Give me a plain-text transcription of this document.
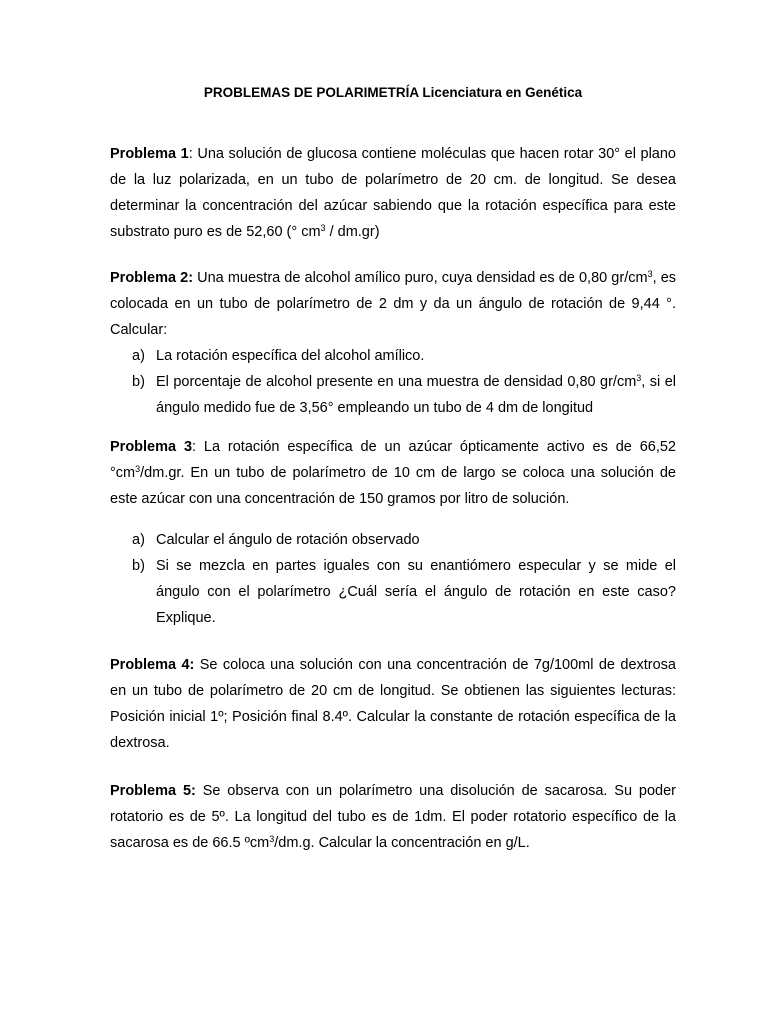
PROBLEMAS DE POLARIMETRÍA Licenciatura en Genética
Problema 1: Una solución de glucosa contiene moléculas que hacen rotar 30° el plano de la luz polarizada, en un tubo de polarímetro de 20 cm. de longitud. Se desea determinar la concentración del azúcar sabiendo que la rotación específica para este substrato puro es de 52,60 (° $cm^3 / dm.gr$)
Problema 2: Una muestra de alcohol amílico puro, cuya densidad es de 0,80 $gr/cm^3$, es colocada en un tubo de polarímetro de 2 dm y da un ángulo de rotación de 9,44 °. Calcular:
a) La rotación específica del alcohol amílico.
b) El porcentaje de alcohol presente en una muestra de densidad 0,80 $gr/cm^3$, si el ángulo medido fue de 3,56° empleando un tubo de 4 dm de longitud
Problema 3: La rotación específica de un azúcar ópticamente activo es de 66,52 $^\circ cm^3/dm.gr$. En un tubo de polarímetro de 10 cm de largo se coloca una solución de este azúcar con una concentración de 150 gramos por litro de solución.
a) Calcular el ángulo de rotación observado
b) Si se mezcla en partes iguales con su enantiómero especular y se mide el ángulo con el polarímetro ¿Cuál sería el ángulo de rotación en este caso? Explique.
Problema 4: Se coloca una solución con una concentración de 7g/100ml de dextrosa en un tubo de polarímetro de 20 cm de longitud. Se obtienen las siguientes lecturas: Posición inicial 1º; Posición final 8.4º. Calcular la constante de rotación específica de la dextrosa.
Problema 5: Se observa con un polarímetro una disolución de sacarosa. Su poder rotatorio es de 5º. La longitud del tubo es de 1dm. El poder rotatorio específico de la sacarosa es de 66.5 ºcm$^3$/dm.g. Calcular la concentración en g/L.
